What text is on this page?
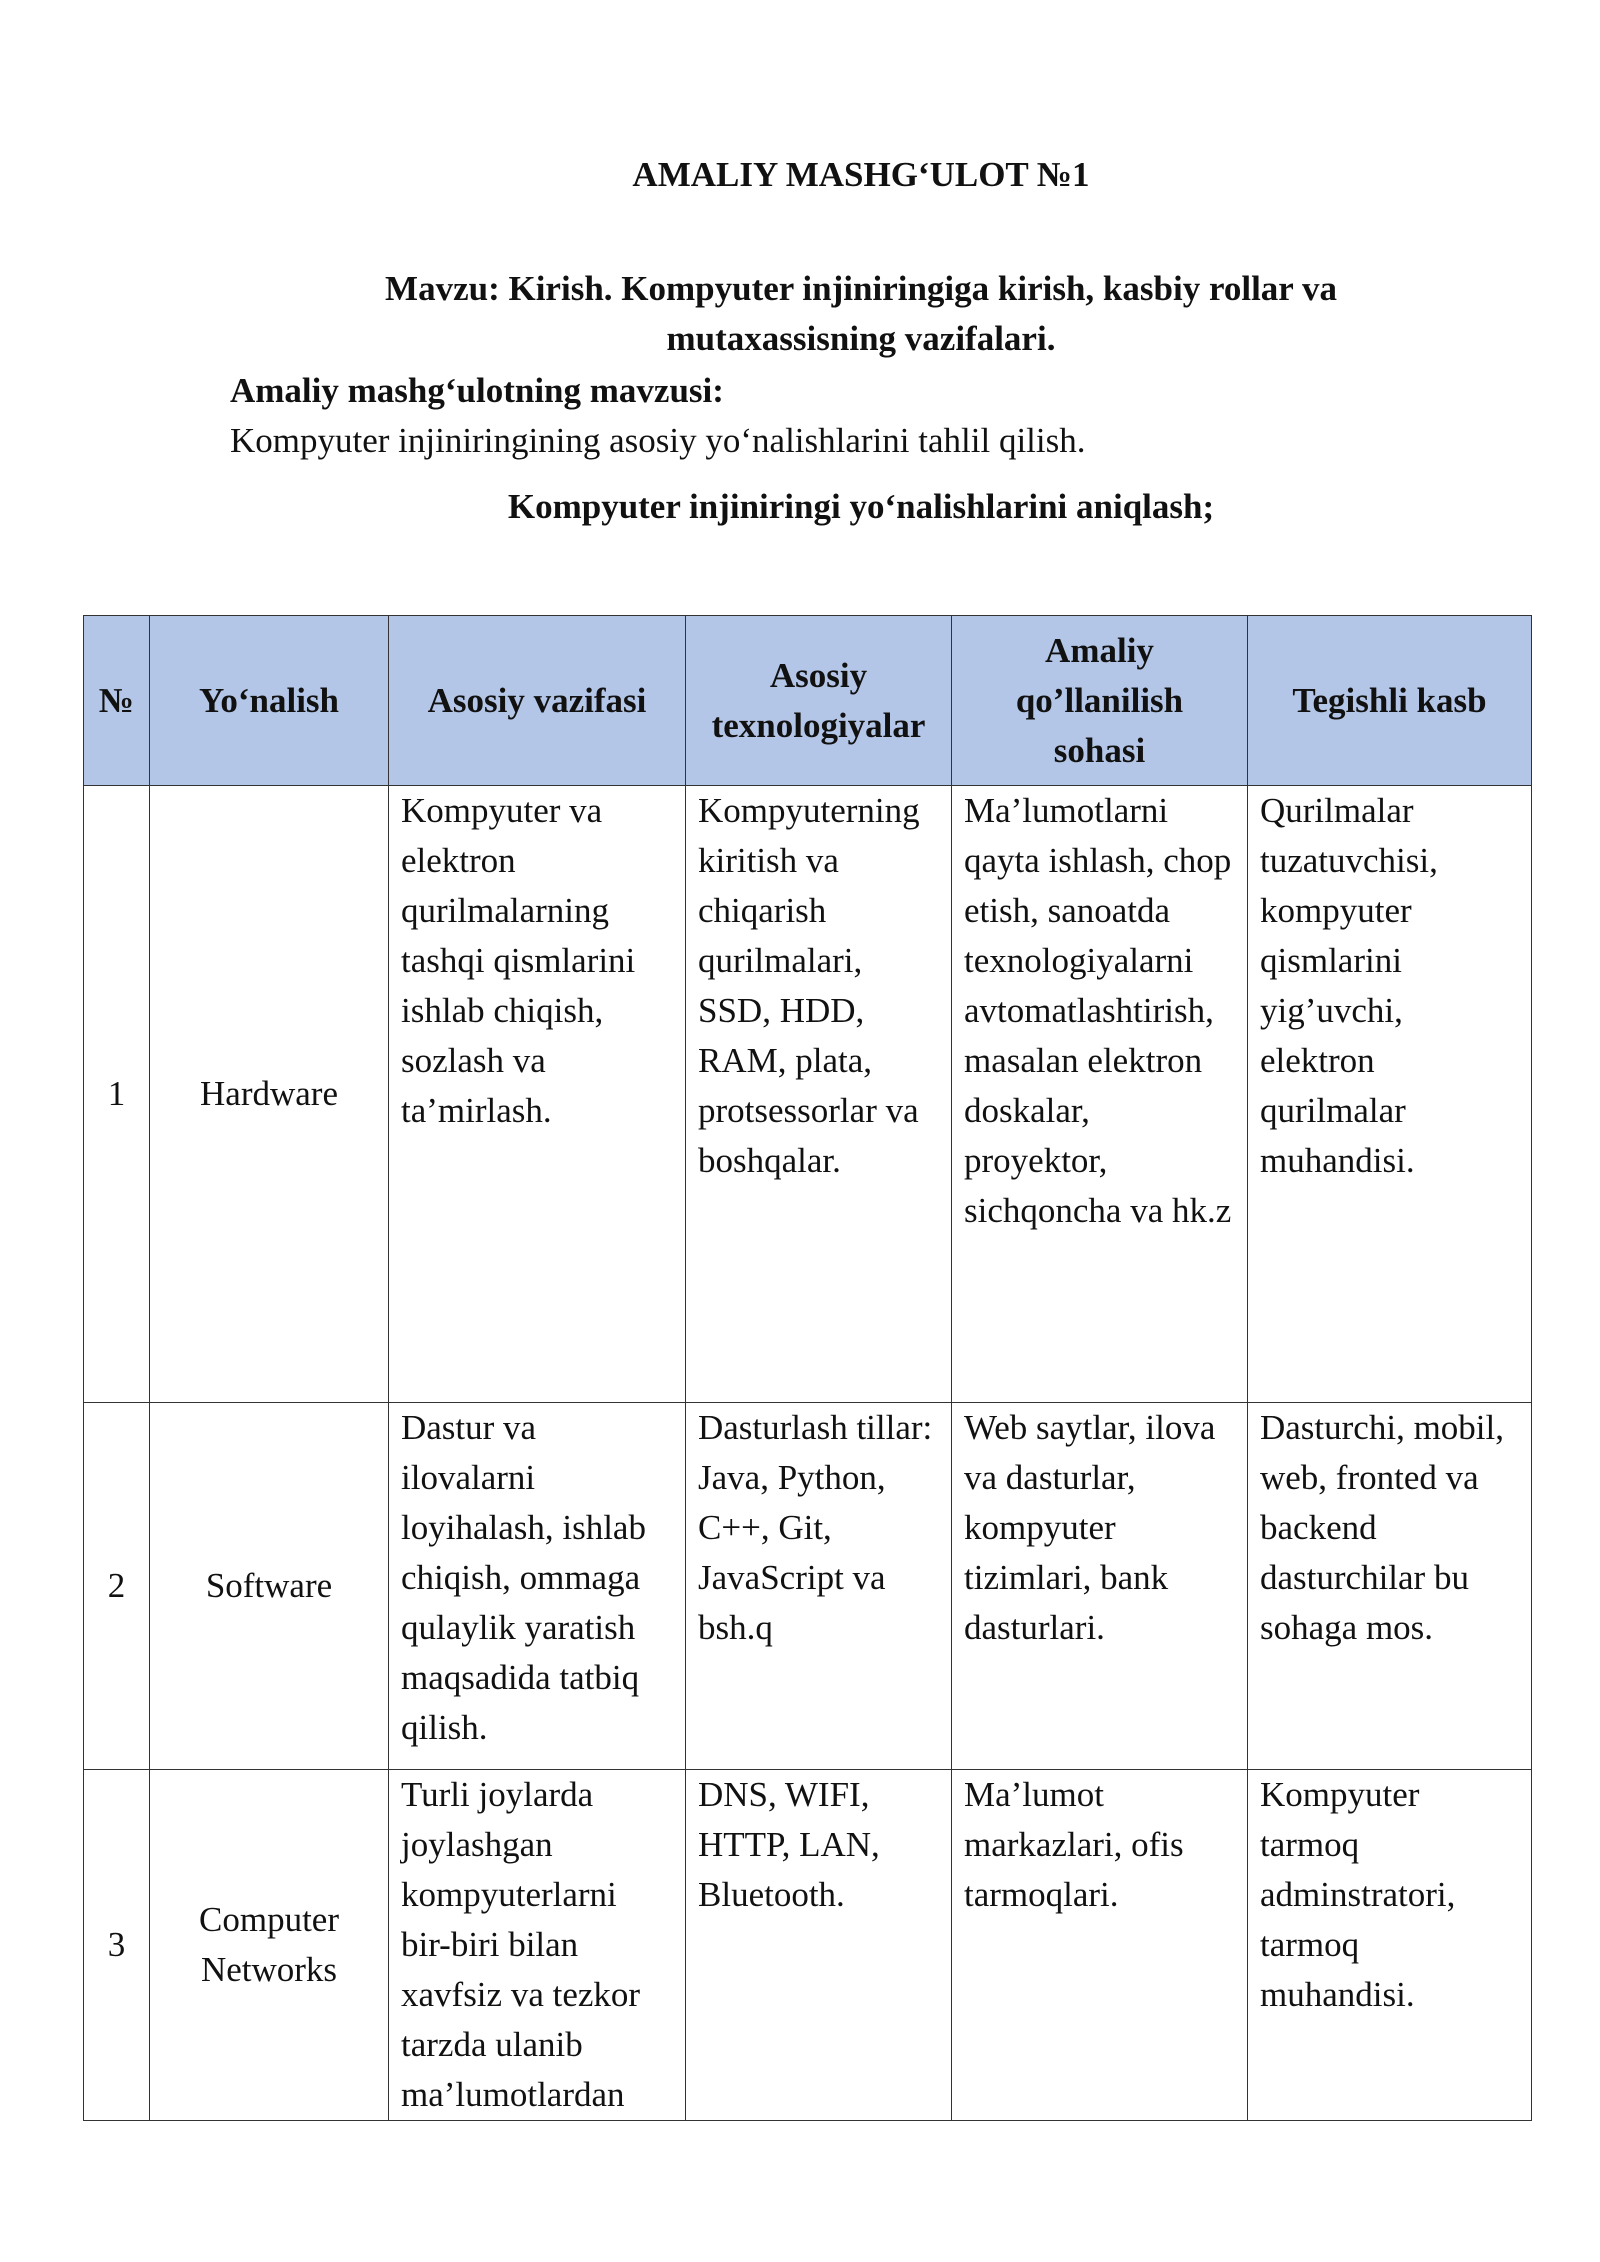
AMALIY MASHG‘ULOT №1

Mavzu: Kirish. Kompyuter injiniringiga kirish, kasbiy rollar va
mutaxassisning vazifalari.

Amaliy mashg‘ulotning mavzusi:

Kompyuter injiniringining asosiy yo‘nalishlarini tahlil qilish.

Kompyuter injiniringi yo‘nalishlarini aniqlash;

№	Yo‘nalish	Asosiy vazifasi	Asosiy
texnologiyalar	Amaliy
qo’llanilish
sohasi	Tegishli kasb
1	Hardware	Kompyuter va elektron qurilmalarning tashqi qismlarini ishlab chiqish, sozlash va ta’mirlash.	Kompyuterning kiritish va chiqarish qurilmalari, SSD, HDD, RAM, plata, protsessorlar va boshqalar.	Ma’lumotlarni qayta ishlash, chop etish, sanoatda texnologiyalarni avtomatlashtirish, masalan elektron doskalar, proyektor, sichqoncha va hk.z	Qurilmalar tuzatuvchisi, kompyuter qismlarini yig’uvchi, elektron qurilmalar muhandisi.
2	Software	Dastur va ilovalarni loyihalash, ishlab chiqish, ommaga qulaylik yaratish maqsadida tatbiq qilish.	Dasturlash tillar: Java, Python, C++, Git, JavaScript va bsh.q	Web saytlar, ilova va dasturlar, kompyuter tizimlari, bank dasturlari.	Dasturchi, mobil, web, fronted va backend dasturchilar bu sohaga mos.
3	Computer
Networks	Turli joylarda joylashgan kompyuterlarni bir-biri bilan xavfsiz va tezkor tarzda ulanib ma’lumotlardan	DNS, WIFI, HTTP, LAN, Bluetooth.	Ma’lumot markazlari, ofis tarmoqlari.	Kompyuter tarmoq adminstratori, tarmoq muhandisi.
